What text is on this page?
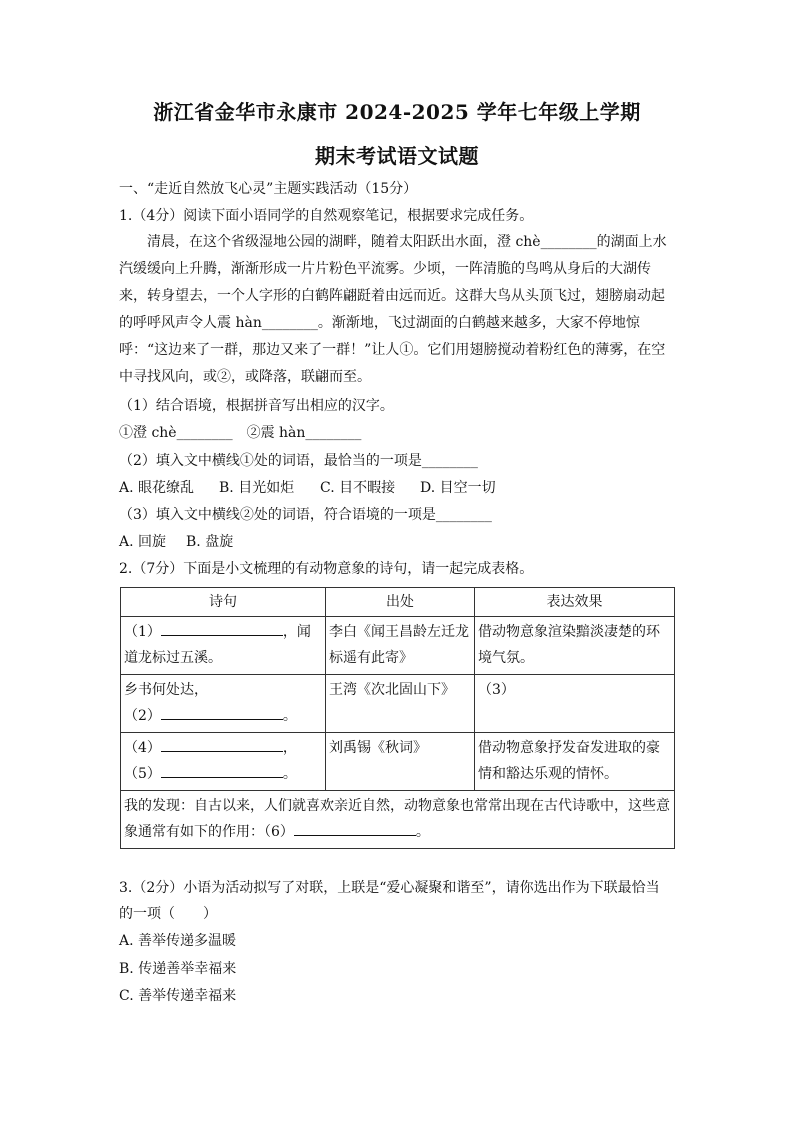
浙江省金华市永康市 2024-2025 学年七年级上学期
期末考试语文试题
一、“走近自然放飞心灵”主题实践活动（15分）
1.（4分）阅读下面小语同学的自然观察笔记，根据要求完成任务。
清晨，在这个省级湿地公园的湖畔，随着太阳跃出水面，澄 chè________的湖面上水汽缓缓向上升腾，渐渐形成一片片粉色平流雾。少顷，一阵清脆的鸟鸣从身后的大湖传来，转身望去，一个人字形的白鹤阵翩跹着由远而近。这群大鸟从头顶飞过，翅膀扇动起的呼呼风声令人震 hàn________。渐渐地，飞过湖面的白鹤越来越多，大家不停地惊呼：“这边来了一群，那边又来了一群！”让人①。它们用翅膀搅动着粉红色的薄雾，在空中寻找风向，或②，或降落，联翩而至。
（1）结合语境，根据拼音写出相应的汉字。
①澄 chè________　②震 hàn________
（2）填入文中横线①处的词语，最恰当的一项是________
A. 眼花缭乱 B. 目光如炬 C. 目不暇接 D. 目空一切
（3）填入文中横线②处的词语，符合语境的一项是________
A. 回旋 B. 盘旋
2.（7分）下面是小文梳理的有动物意象的诗句，请一起完成表格。
诗句	出处	表达效果
（1） ，闻道龙标过五溪。	李白《闻王昌龄左迁龙标遥有此寄》	借动物意象渲染黯淡凄楚的环境气氛。

乡书何处达，
（2） 。	王湾《次北固山下》	（3）

（4） ，
（5） 。	刘禹锡《秋词》	借动物意象抒发奋发进取的豪情和豁达乐观的情怀。
我的发现：自古以来，人们就喜欢亲近自然，动物意象也常常出现在古代诗歌中，这些意象通常有如下的作用：（6） 。		
3.（2分）小语为活动拟写了对联，上联是“爱心凝聚和谐至”，请你选出作为下联最恰当
的一项（　　）
A. 善举传递多温暖
B. 传递善举幸福来
C. 善举传递幸福来
